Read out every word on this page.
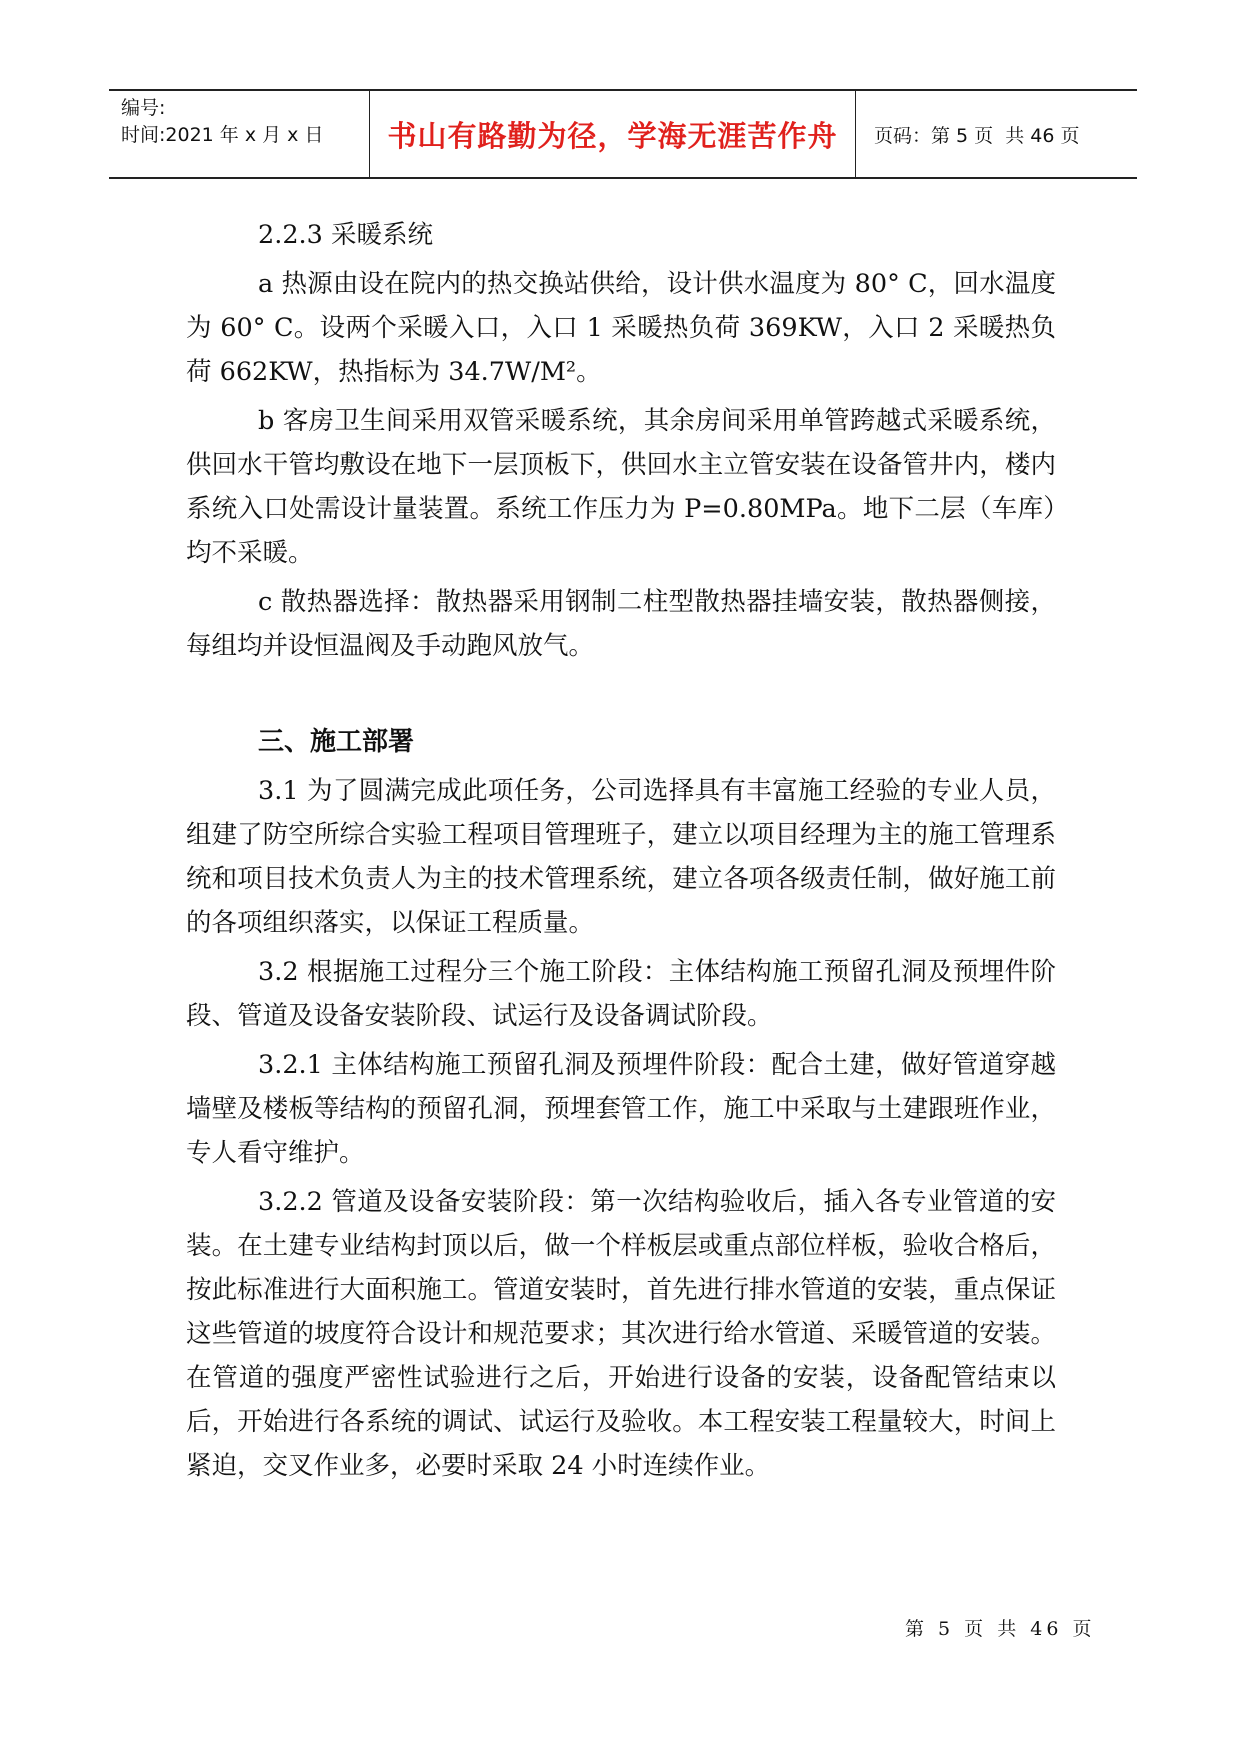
编号:
时间:2021 年 x 月 x 日	书山有路勤为径，学海无涯苦作舟	页码：第 5 页  共 46 页

2.2.3 采暖系统

a 热源由设在院内的热交换站供给，设计供水温度为 80° C，回水温度为 60° C。设两个采暖入口，入口 1 采暖热负荷 369KW，入口 2 采暖热负荷 662KW，热指标为 34.7W/M²。

b 客房卫生间采用双管采暖系统，其余房间采用单管跨越式采暖系统，供回水干管均敷设在地下一层顶板下，供回水主立管安装在设备管井内，楼内系统入口处需设计量装置。系统工作压力为 P=0.80MPa。地下二层（车库）均不采暖。

c 散热器选择：散热器采用钢制二柱型散热器挂墙安装，散热器侧接，每组均并设恒温阀及手动跑风放气。

三、施工部署

3.1 为了圆满完成此项任务，公司选择具有丰富施工经验的专业人员，组建了防空所综合实验工程项目管理班子，建立以项目经理为主的施工管理系统和项目技术负责人为主的技术管理系统，建立各项各级责任制，做好施工前的各项组织落实，以保证工程质量。

3.2 根据施工过程分三个施工阶段：主体结构施工预留孔洞及预埋件阶段、管道及设备安装阶段、试运行及设备调试阶段。

3.2.1 主体结构施工预留孔洞及预埋件阶段：配合土建，做好管道穿越墙壁及楼板等结构的预留孔洞，预埋套管工作，施工中采取与土建跟班作业，专人看守维护。

3.2.2 管道及设备安装阶段：第一次结构验收后，插入各专业管道的安装。在土建专业结构封顶以后，做一个样板层或重点部位样板，验收合格后，按此标准进行大面积施工。管道安装时，首先进行排水管道的安装，重点保证这些管道的坡度符合设计和规范要求；其次进行给水管道、采暖管道的安装。在管道的强度严密性试验进行之后，开始进行设备的安装，设备配管结束以后，开始进行各系统的调试、试运行及验收。本工程安装工程量较大，时间上紧迫，交叉作业多，必要时采取 24 小时连续作业。

第 5 页 共 46 页
